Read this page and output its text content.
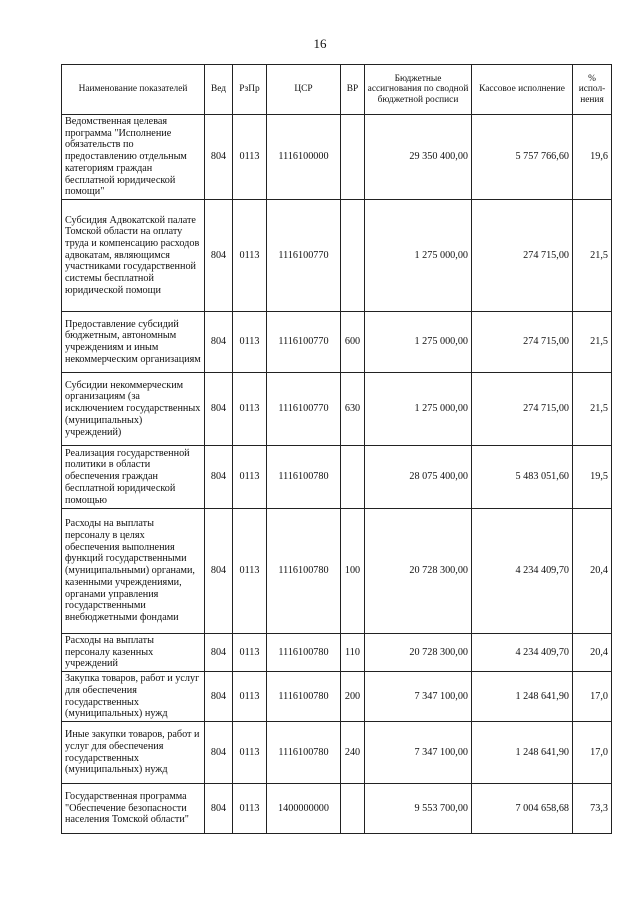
16
Наименование показателей	Вед	РзПр	ЦСР	ВР	Бюджетные ассигнования по сводной бюджетной росписи	Кассовое исполнение	% испол-нения
Ведомственная целевая программа "Исполнение обязательств по предоставлению отдельным категориям граждан бесплатной юридической помощи"	804	0113	1116100000		29 350 400,00	5 757 766,60	19,6
Субсидия Адвокатской палате Томской области на оплату труда и компенсацию расходов адвокатам, являющимся участниками государственной системы бесплатной юридической помощи	804	0113	1116100770		1 275 000,00	274 715,00	21,5
Предоставление субсидий бюджетным, автономным учреждениям и иным некоммерческим организациям	804	0113	1116100770	600	1 275 000,00	274 715,00	21,5
Субсидии некоммерческим организациям (за исключением государственных (муниципальных) учреждений)	804	0113	1116100770	630	1 275 000,00	274 715,00	21,5
Реализация государственной политики в области обеспечения граждан бесплатной юридической помощью	804	0113	1116100780		28 075 400,00	5 483 051,60	19,5
Расходы на выплаты персоналу в целях обеспечения выполнения функций государственными (муниципальными) органами, казенными учреждениями, органами управления государственными внебюджетными фондами	804	0113	1116100780	100	20 728 300,00	4 234 409,70	20,4
Расходы на выплаты персоналу казенных учреждений	804	0113	1116100780	110	20 728 300,00	4 234 409,70	20,4
Закупка товаров, работ и услуг для обеспечения государственных (муниципальных) нужд	804	0113	1116100780	200	7 347 100,00	1 248 641,90	17,0
Иные закупки товаров, работ и услуг для обеспечения государственных (муниципальных) нужд	804	0113	1116100780	240	7 347 100,00	1 248 641,90	17,0
Государственная программа "Обеспечение безопасности населения Томской области"	804	0113	1400000000		9 553 700,00	7 004 658,68	73,3
